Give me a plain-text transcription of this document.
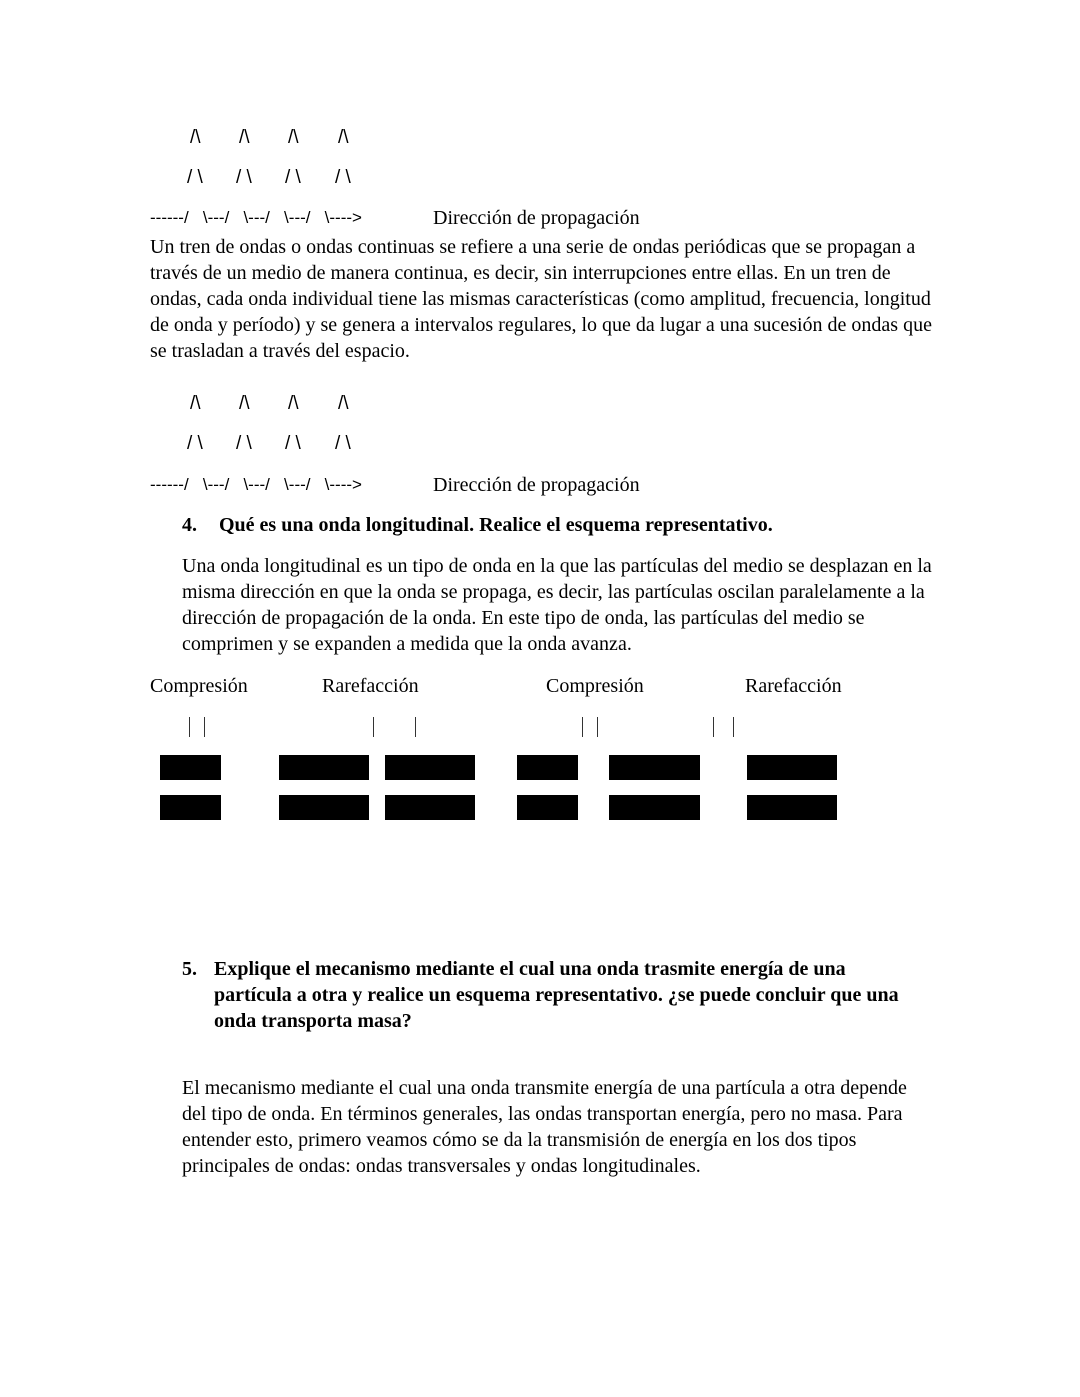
/\ /\ /\ /\
/ \ / \ / \ / \
------/   \---/   \---/   \---/   \---->	Dirección de propagación

Un tren de ondas o ondas continuas se refiere a una serie de ondas periódicas que se propagan a través de un medio de manera continua, es decir, sin interrupciones entre ellas. En un tren de ondas, cada onda individual tiene las mismas características (como amplitud, frecuencia, longitud de onda y período) y se genera a intervalos regulares, lo que da lugar a una sucesión de ondas que se trasladan a través del espacio.

/\ /\ /\ /\
/ \ / \ / \ / \
------/   \---/   \---/   \---/   \---->	Dirección de propagación
4. Qué es una onda longitudinal. Realice el esquema representativo.

Una onda longitudinal es un tipo de onda en la que las partículas del medio se desplazan en la misma dirección en que la onda se propaga, es decir, las partículas oscilan paralelamente a la dirección de propagación de la onda. En este tipo de onda, las partículas del medio se comprimen y se expanden a medida que la onda avanza.

Compresión	Rarefacción	Compresión	Rarefacción
5. Explique el mecanismo mediante el cual una onda trasmite energía de una partícula a otra y realice un esquema representativo. ¿se puede concluir que una onda transporta masa?

El mecanismo mediante el cual una onda transmite energía de una partícula a otra depende del tipo de onda. En términos generales, las ondas transportan energía, pero no masa. Para entender esto, primero veamos cómo se da la transmisión de energía en los dos tipos principales de ondas: ondas transversales y ondas longitudinales.
